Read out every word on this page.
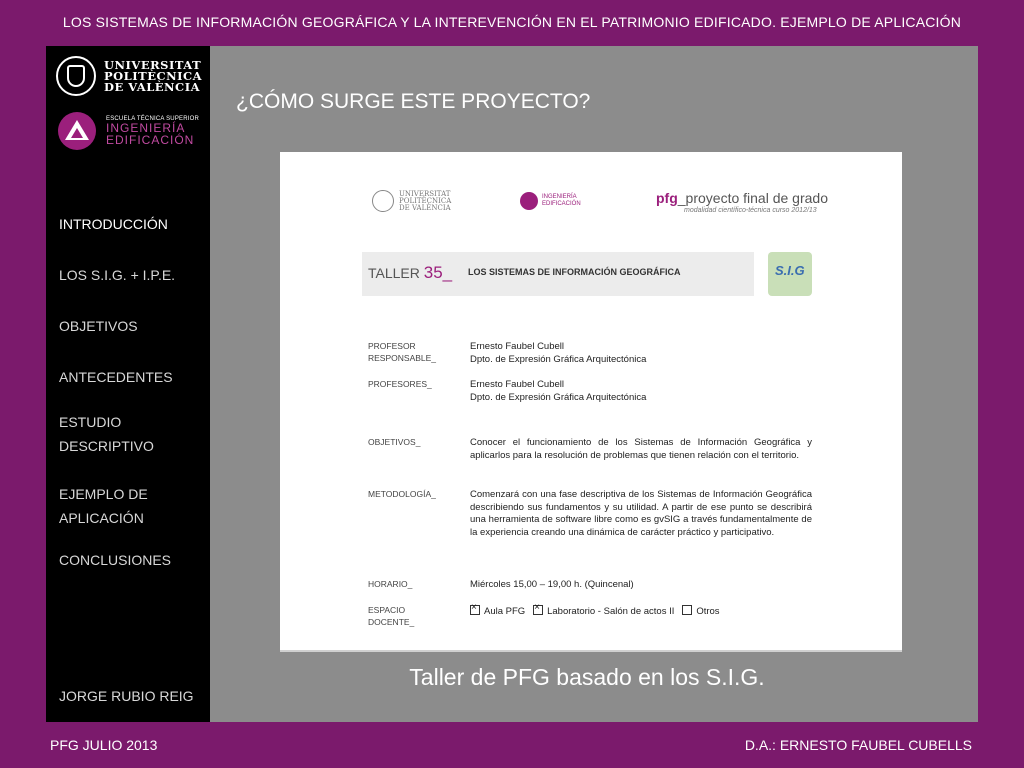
LOS SISTEMAS DE INFORMACIÓN GEOGRÁFICA Y LA INTEREVENCIÓN EN EL PATRIMONIO EDIFICADO. EJEMPLO DE APLICACIÓN
UNIVERSITAT
POLITÈCNICA
DE VALÈNCIA
ESCUELA TÉCNICA SUPERIOR
INGENIERÍA
EDIFICACIÓN
INTRODUCCIÓN
LOS S.I.G. + I.P.E.
OBJETIVOS
ANTECEDENTES
ESTUDIO
DESCRIPTIVO
EJEMPLO DE
APLICACIÓN
CONCLUSIONES
JORGE RUBIO REIG
¿CÓMO SURGE ESTE PROYECTO?
UNIVERSITAT
POLITÈCNICA
DE VALÈNCIA
INGENIERÍA
EDIFICACIÓN	pfg_proyecto final de grado
modalidad científico-técnica curso 2012/13
TALLER 35_ LOS SISTEMAS DE INFORMACIÓN GEOGRÁFICA	S.I.G
PROFESOR
RESPONSABLE_
Ernesto Faubel Cubell
Dpto. de Expresión Gráfica Arquitectónica
PROFESORES_	Ernesto Faubel Cubell
Dpto. de Expresión Gráfica Arquitectónica
OBJETIVOS_	Conocer el funcionamiento de los Sistemas de Información Geográfica y aplicarlos para la resolución de problemas que tienen relación con el territorio.
METODOLOGÍA_	Comenzará con una fase descriptiva de los Sistemas de Información Geográfica describiendo sus fundamentos y su utilidad. A partir de ese punto se describirá una herramienta de software libre como es gvSIG a través fundamentalmente de la experiencia creando una dinámica de carácter práctico y participativo.
HORARIO_	Miércoles 15,00 – 19,00 h. (Quincenal)
ESPACIO
DOCENTE_
×Aula PFG   × Laboratorio - Salón de actos II Otros
Taller de PFG basado en los S.I.G.
PFG JULIO 2013	D.A.: ERNESTO FAUBEL CUBELLS
